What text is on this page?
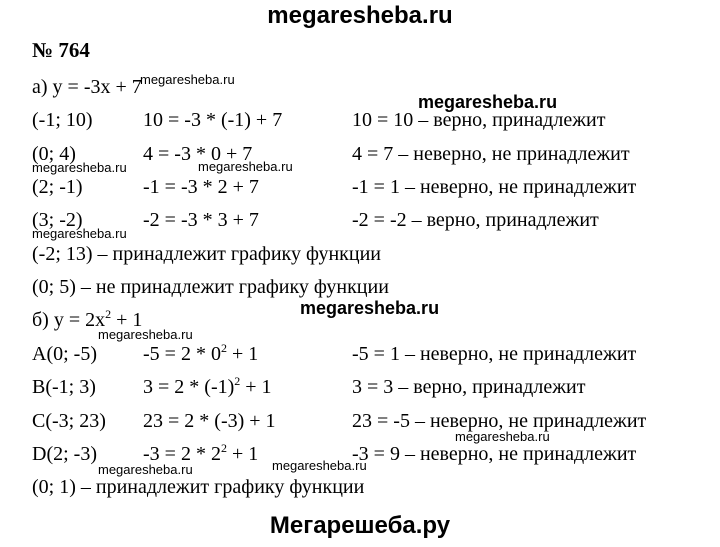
megaresheba.ru
Мегарешеба.ру
№ 764
а) y = -3x + 7
(-1; 10)	10 = -3 * (-1) + 7	10 = 10 – верно, принадлежит
(0; 4)	4 = -3 * 0 + 7	4 = 7 – неверно, не принадлежит
(2; -1)	-1 = -3 * 2 + 7	-1 = 1 – неверно, не принадлежит
(3; -2)	-2 = -3 * 3 + 7	-2 = -2 – верно, принадлежит
(-2; 13) – принадлежит графику функции
(0; 5) – не принадлежит графику функции
б) $y = 2x^2 + 1$
A(0; -5) $-5 = 2 * 0^2 + 1$	-5 = 1 – неверно, не принадлежит
B(-1; 3) $3 = 2 * (-1)^2 + 1$	3 = 3 – верно, принадлежит
C(-3; 23) 23 = 2 * (-3) + 1	23 = -5 – неверно, не принадлежит
D(2; -3) $-3 = 2 * 2^2 + 1$	-3 = 9 – неверно, не принадлежит
(0; 1) – принадлежит графику функции
megaresheba.ru
megaresheba.ru
megaresheba.ru	megaresheba.ru
megaresheba.ru
megaresheba.ru
megaresheba.ru
megaresheba.ru
megaresheba.ru	megaresheba.ru
